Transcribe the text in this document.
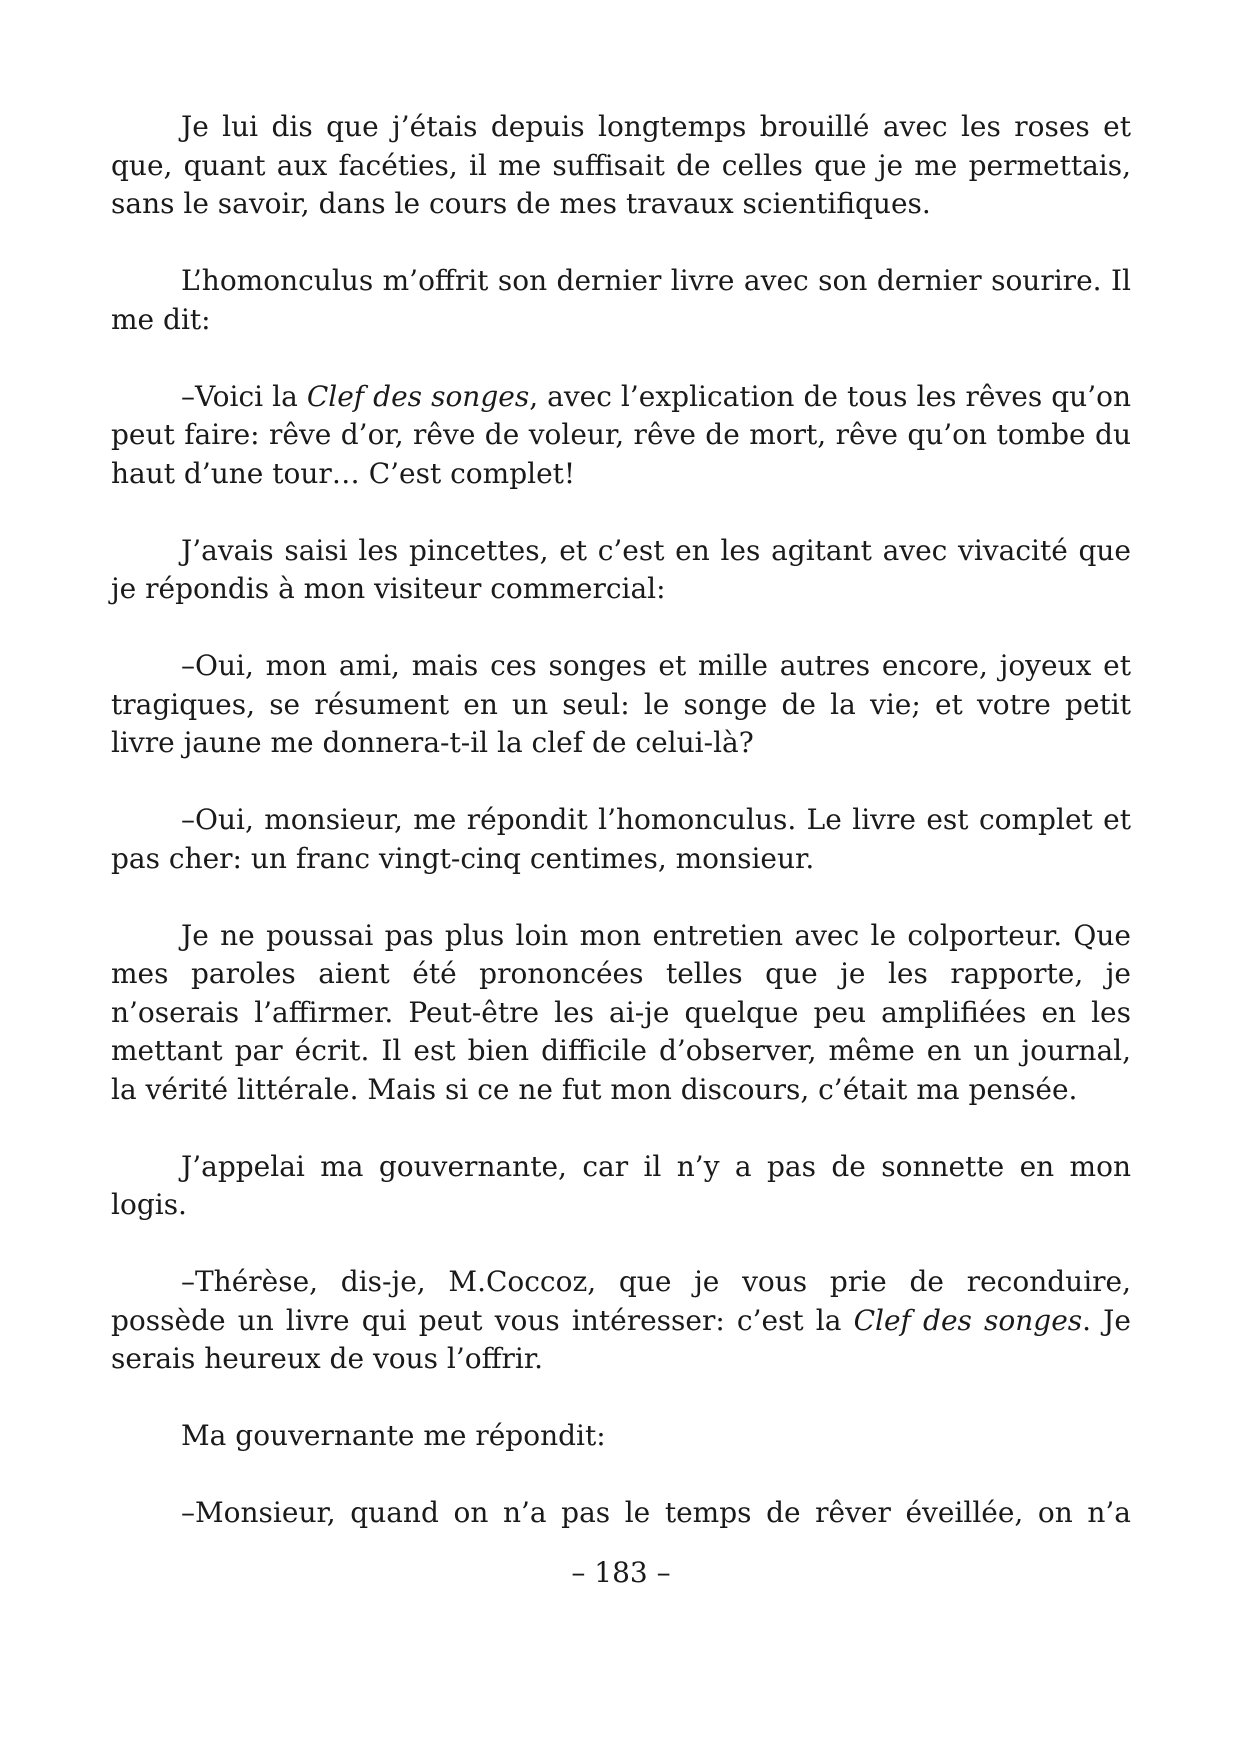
Je lui dis que j’étais depuis longtemps brouillé avec les roses et que, quant aux facéties, il me suffisait de celles que je me permettais, sans le savoir, dans le cours de mes travaux scientifiques.

L’homonculus m’offrit son dernier livre avec son dernier sourire. Il me dit:

–Voici la Clef des songes, avec l’explication de tous les rêves qu’on peut faire: rêve d’or, rêve de voleur, rêve de mort, rêve qu’on tombe du haut d’une tour… C’est complet!

J’avais saisi les pincettes, et c’est en les agitant avec vivacité que je répondis à mon visiteur commercial:

–Oui, mon ami, mais ces songes et mille autres encore, joyeux et tragiques, se résument en un seul: le songe de la vie; et votre petit livre jaune me donnera-t-il la clef de celui-là?

–Oui, monsieur, me répondit l’homonculus. Le livre est complet et pas cher: un franc vingt-cinq centimes, monsieur.

Je ne poussai pas plus loin mon entretien avec le colporteur. Que mes paroles aient été prononcées telles que je les rapporte, je n’oserais l’affirmer. Peut-être les ai-je quelque peu amplifiées en les mettant par écrit. Il est bien difficile d’observer, même en un journal, la vérité littérale. Mais si ce ne fut mon discours, c’était ma pensée.

J’appelai ma gouvernante, car il n’y a pas de sonnette en mon logis.

–Thérèse, dis-je, M.Coccoz, que je vous prie de reconduire, possède un livre qui peut vous intéresser: c’est la Clef des songes. Je serais heureux de vous l’offrir.

Ma gouvernante me répondit:

–Monsieur, quand on n’a pas le temps de rêver éveillée, on n’a

– 183 –
